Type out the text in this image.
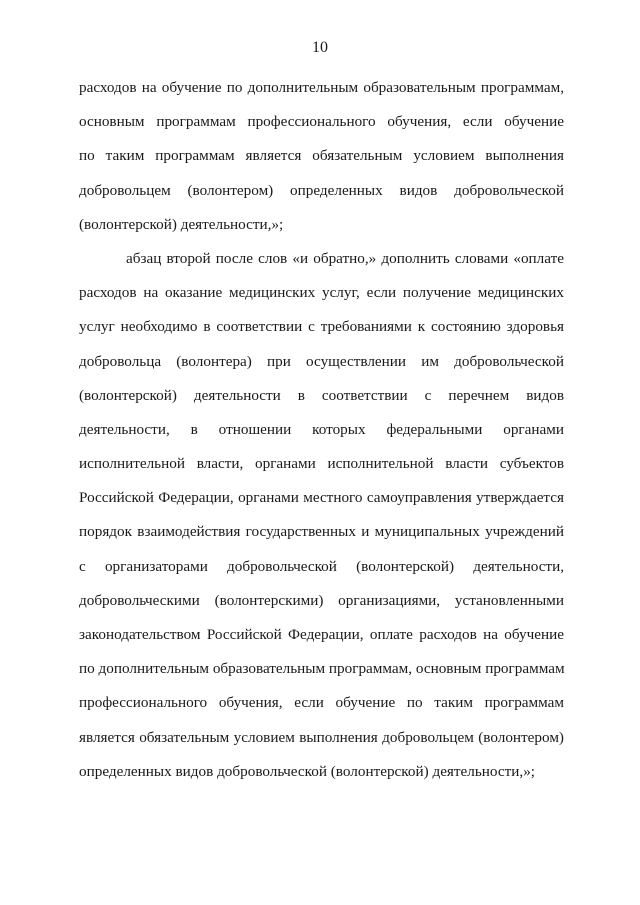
10
расходов на обучение по дополнительным образовательным программам,
основным программам профессионального обучения, если обучение
по таким программам является обязательным условием выполнения
добровольцем (волонтером) определенных видов добровольческой
(волонтерской) деятельности,»;
абзац второй после слов «и обратно,» дополнить словами «оплате
расходов на оказание медицинских услуг, если получение медицинских
услуг необходимо в соответствии с требованиями к состоянию здоровья
добровольца (волонтера) при осуществлении им добровольческой
(волонтерской) деятельности в соответствии с перечнем видов
деятельности, в отношении которых федеральными органами
исполнительной власти, органами исполнительной власти субъектов
Российской Федерации, органами местного самоуправления утверждается
порядок взаимодействия государственных и муниципальных учреждений
с организаторами добровольческой (волонтерской) деятельности,
добровольческими (волонтерскими) организациями, установленными
законодательством Российской Федерации, оплате расходов на обучение
по дополнительным образовательным программам, основным программам
профессионального обучения, если обучение по таким программам
является обязательным условием выполнения добровольцем (волонтером)
определенных видов добровольческой (волонтерской) деятельности,»;
